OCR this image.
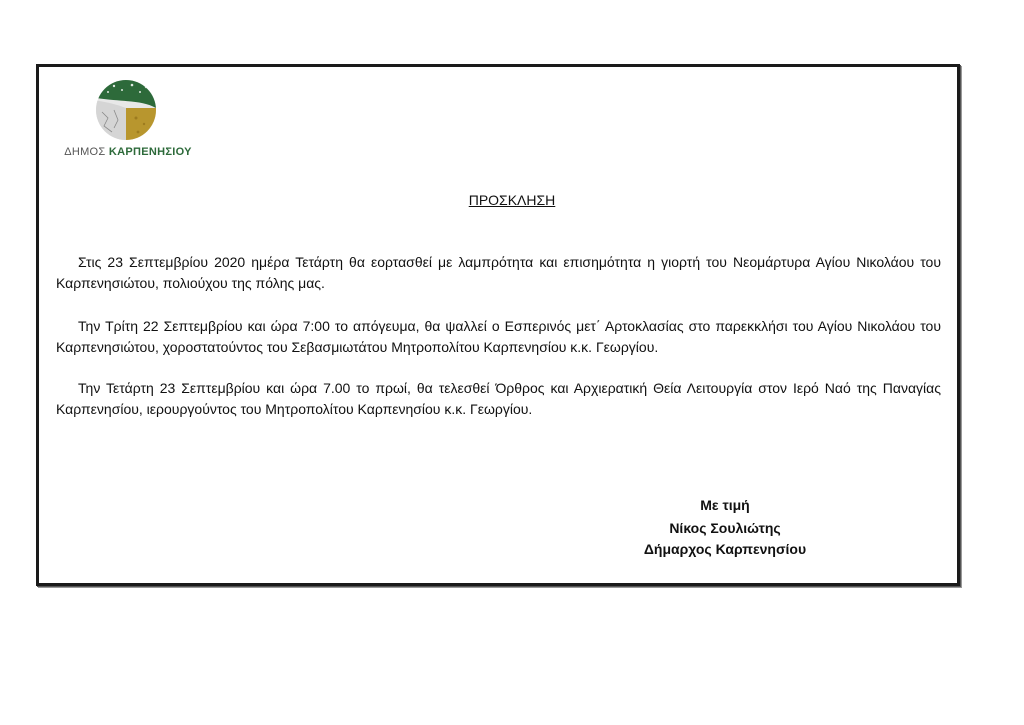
ΔΗΜΟΣ ΚΑΡΠΕΝΗΣΙΟΥ
ΠΡΟΣΚΛΗΣΗ
Στις 23 Σεπτεμβρίου 2020 ημέρα Τετάρτη θα εορτασθεί με λαμπρότητα και επισημότητα η γιορτή του Νεομάρτυρα Αγίου Νικολάου του Καρπενησιώτου, πολιούχου της πόλης μας.
Την Τρίτη 22 Σεπτεμβρίου και ώρα 7:00 το απόγευμα, θα ψαλλεί ο Εσπερινός μετ΄ Αρτοκλασίας στο παρεκκλήσι του Αγίου Νικολάου του Καρπενησιώτου, χοροστατούντος του Σεβασμιωτάτου Μητροπολίτου Καρπενησίου κ.κ. Γεωργίου.
Την Τετάρτη 23 Σεπτεμβρίου και ώρα 7.00 το πρωί, θα τελεσθεί Όρθρος και Αρχιερατική Θεία Λειτουργία στον Ιερό Ναό της Παναγίας Καρπενησίου, ιερουργούντος του Μητροπολίτου Καρπενησίου κ.κ. Γεωργίου.
Με τιμή
Νίκος Σουλιώτης
Δήμαρχος Καρπενησίου
